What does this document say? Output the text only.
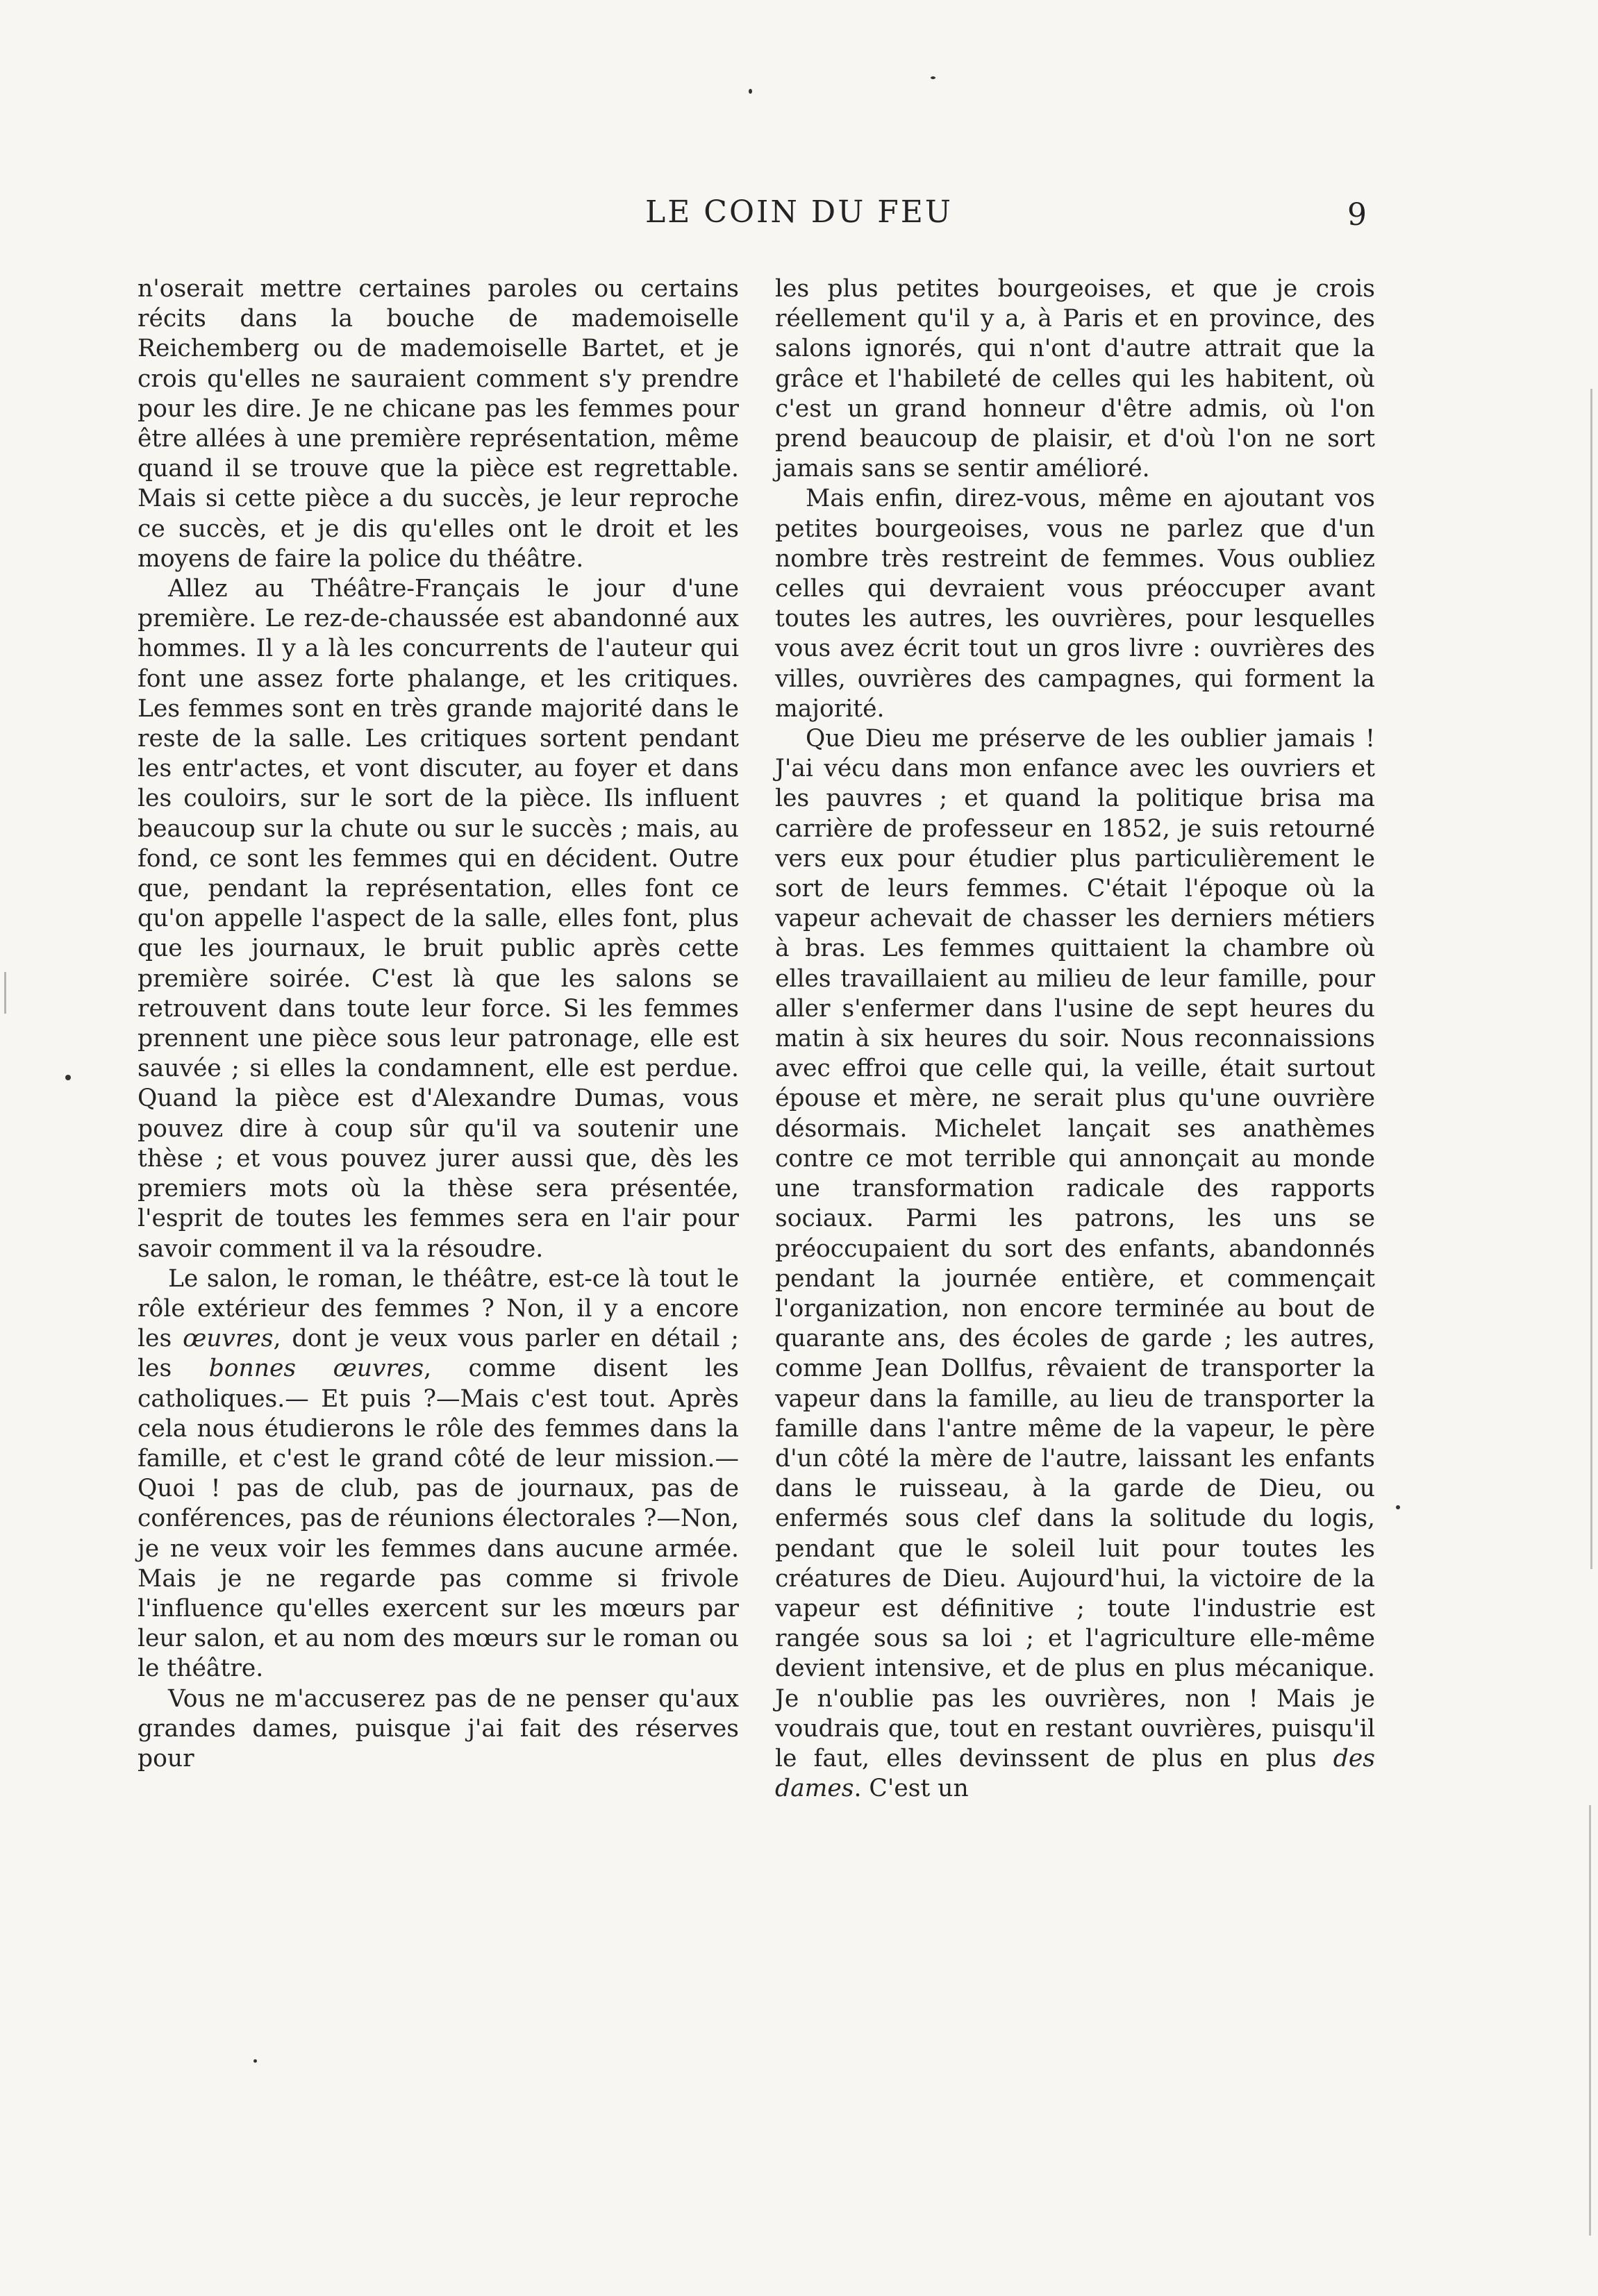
LE COIN DU FEU	9

n'oserait mettre certaines paroles ou certains récits dans la bouche de mademoiselle Reichemberg ou de mademoiselle Bartet, et je crois qu'elles ne sauraient comment s'y prendre pour les dire. Je ne chicane pas les femmes pour être allées à une première représentation, même quand il se trouve que la pièce est regrettable. Mais si cette pièce a du succès, je leur reproche ce succès, et je dis qu'elles ont le droit et les moyens de faire la police du théâtre.

Allez au Théâtre-Français le jour d'une première. Le rez-de-chaussée est abandonné aux hommes. Il y a là les concurrents de l'auteur qui font une assez forte phalange, et les critiques. Les femmes sont en très grande majorité dans le reste de la salle. Les critiques sortent pendant les entr'actes, et vont discuter, au foyer et dans les couloirs, sur le sort de la pièce. Ils influent beaucoup sur la chute ou sur le succès ; mais, au fond, ce sont les femmes qui en décident. Outre que, pendant la représentation, elles font ce qu'on appelle l'aspect de la salle, elles font, plus que les journaux, le bruit public après cette première soirée. C'est là que les salons se retrouvent dans toute leur force. Si les femmes prennent une pièce sous leur patronage, elle est sauvée ; si elles la condamnent, elle est perdue. Quand la pièce est d'Alexandre Dumas, vous pouvez dire à coup sûr qu'il va soutenir une thèse ; et vous pouvez jurer aussi que, dès les premiers mots où la thèse sera présentée, l'esprit de toutes les femmes sera en l'air pour savoir comment il va la résoudre.

Le salon, le roman, le théâtre, est-ce là tout le rôle extérieur des femmes ? Non, il y a encore les œuvres, dont je veux vous parler en détail ; les bonnes œuvres, comme disent les catholiques.— Et puis ?—Mais c'est tout. Après cela nous étudierons le rôle des femmes dans la famille, et c'est le grand côté de leur mission.—Quoi ! pas de club, pas de journaux, pas de conférences, pas de réunions électorales ?—Non, je ne veux voir les femmes dans aucune armée. Mais je ne regarde pas comme si frivole l'influence qu'elles exercent sur les mœurs par leur salon, et au nom des mœurs sur le roman ou le théâtre.

Vous ne m'accuserez pas de ne penser qu'aux grandes dames, puisque j'ai fait des réserves pour

les plus petites bourgeoises, et que je crois réellement qu'il y a, à Paris et en province, des salons ignorés, qui n'ont d'autre attrait que la grâce et l'habileté de celles qui les habitent, où c'est un grand honneur d'être admis, où l'on prend beaucoup de plaisir, et d'où l'on ne sort jamais sans se sentir amélioré.

Mais enfin, direz-vous, même en ajoutant vos petites bourgeoises, vous ne parlez que d'un nombre très restreint de femmes. Vous oubliez celles qui devraient vous préoccuper avant toutes les autres, les ouvrières, pour lesquelles vous avez écrit tout un gros livre : ouvrières des villes, ouvrières des campagnes, qui forment la majorité.

Que Dieu me préserve de les oublier jamais ! J'ai vécu dans mon enfance avec les ouvriers et les pauvres ; et quand la politique brisa ma carrière de professeur en 1852, je suis retourné vers eux pour étudier plus particulièrement le sort de leurs femmes. C'était l'époque où la vapeur achevait de chasser les derniers métiers à bras. Les femmes quittaient la chambre où elles travaillaient au milieu de leur famille, pour aller s'enfermer dans l'usine de sept heures du matin à six heures du soir. Nous reconnaissions avec effroi que celle qui, la veille, était surtout épouse et mère, ne serait plus qu'une ouvrière désormais. Michelet lançait ses anathèmes contre ce mot terrible qui annonçait au monde une transformation radicale des rapports sociaux. Parmi les patrons, les uns se préoccupaient du sort des enfants, abandonnés pendant la journée entière, et commençait l'organization, non encore terminée au bout de quarante ans, des écoles de garde ; les autres, comme Jean Dollfus, rêvaient de transporter la vapeur dans la famille, au lieu de transporter la famille dans l'antre même de la vapeur, le père d'un côté la mère de l'autre, laissant les enfants dans le ruisseau, à la garde de Dieu, ou enfermés sous clef dans la solitude du logis, pendant que le soleil luit pour toutes les créatures de Dieu. Aujourd'hui, la victoire de la vapeur est définitive ; toute l'industrie est rangée sous sa loi ; et l'agriculture elle-même devient intensive, et de plus en plus mécanique. Je n'oublie pas les ouvrières, non ! Mais je voudrais que, tout en restant ouvrières, puisqu'il le faut, elles devinssent de plus en plus des dames. C'est un
